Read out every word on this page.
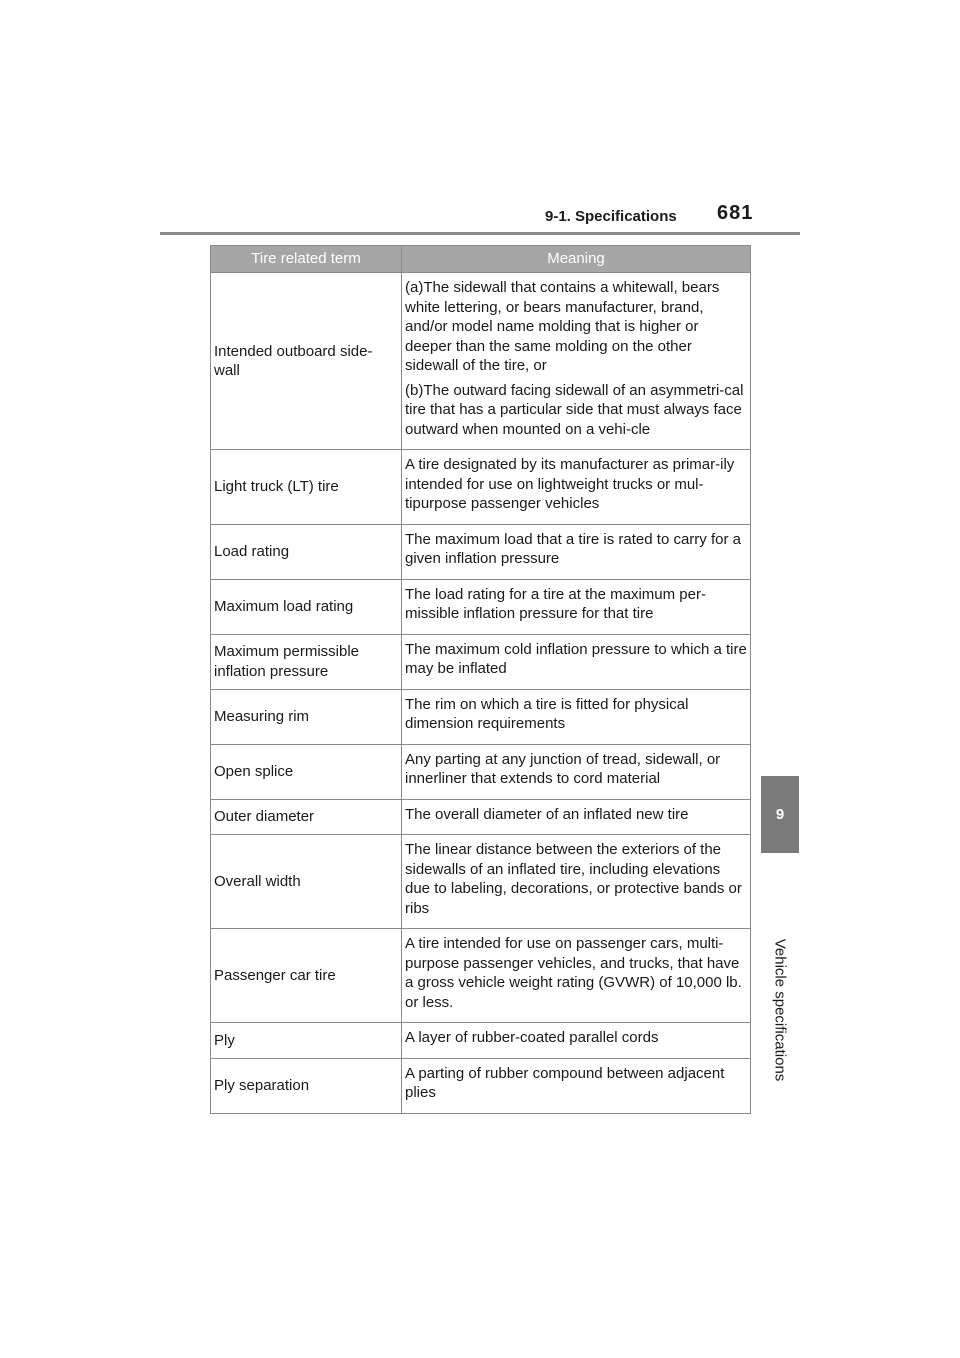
9-1. Specifications 681
9
Vehicle specifications
Tire related term	Meaning
Intended outboard side-wall	(a)The sidewall that contains a whitewall, bears white lettering, or bears manufacturer, brand, and/or model name molding that is higher or deeper than the same molding on the other sidewall of the tire, or

(b)The outward facing sidewall of an asymmetri-cal tire that has a particular side that must always face outward when mounted on a vehi-cle

Light truck (LT) tire	A tire designated by its manufacturer as primar-ily intended for use on lightweight trucks or mul-tipurpose passenger vehicles

Load rating	The maximum load that a tire is rated to carry for a given inflation pressure

Maximum load rating	The load rating for a tire at the maximum per-missible inflation pressure for that tire

Maximum permissible inflation pressure	The maximum cold inflation pressure to which a tire may be inflated

Measuring rim	The rim on which a tire is fitted for physical dimension requirements

Open splice	Any parting at any junction of tread, sidewall, or innerliner that extends to cord material

Outer diameter	The overall diameter of an inflated new tire

Overall width	The linear distance between the exteriors of the sidewalls of an inflated tire, including elevations due to labeling, decorations, or protective bands or ribs

Passenger car tire	A tire intended for use on passenger cars, multi-purpose passenger vehicles, and trucks, that have a gross vehicle weight rating (GVWR) of 10,000 lb. or less.

Ply	A layer of rubber-coated parallel cords

Ply separation	A parting of rubber compound between adjacent plies
